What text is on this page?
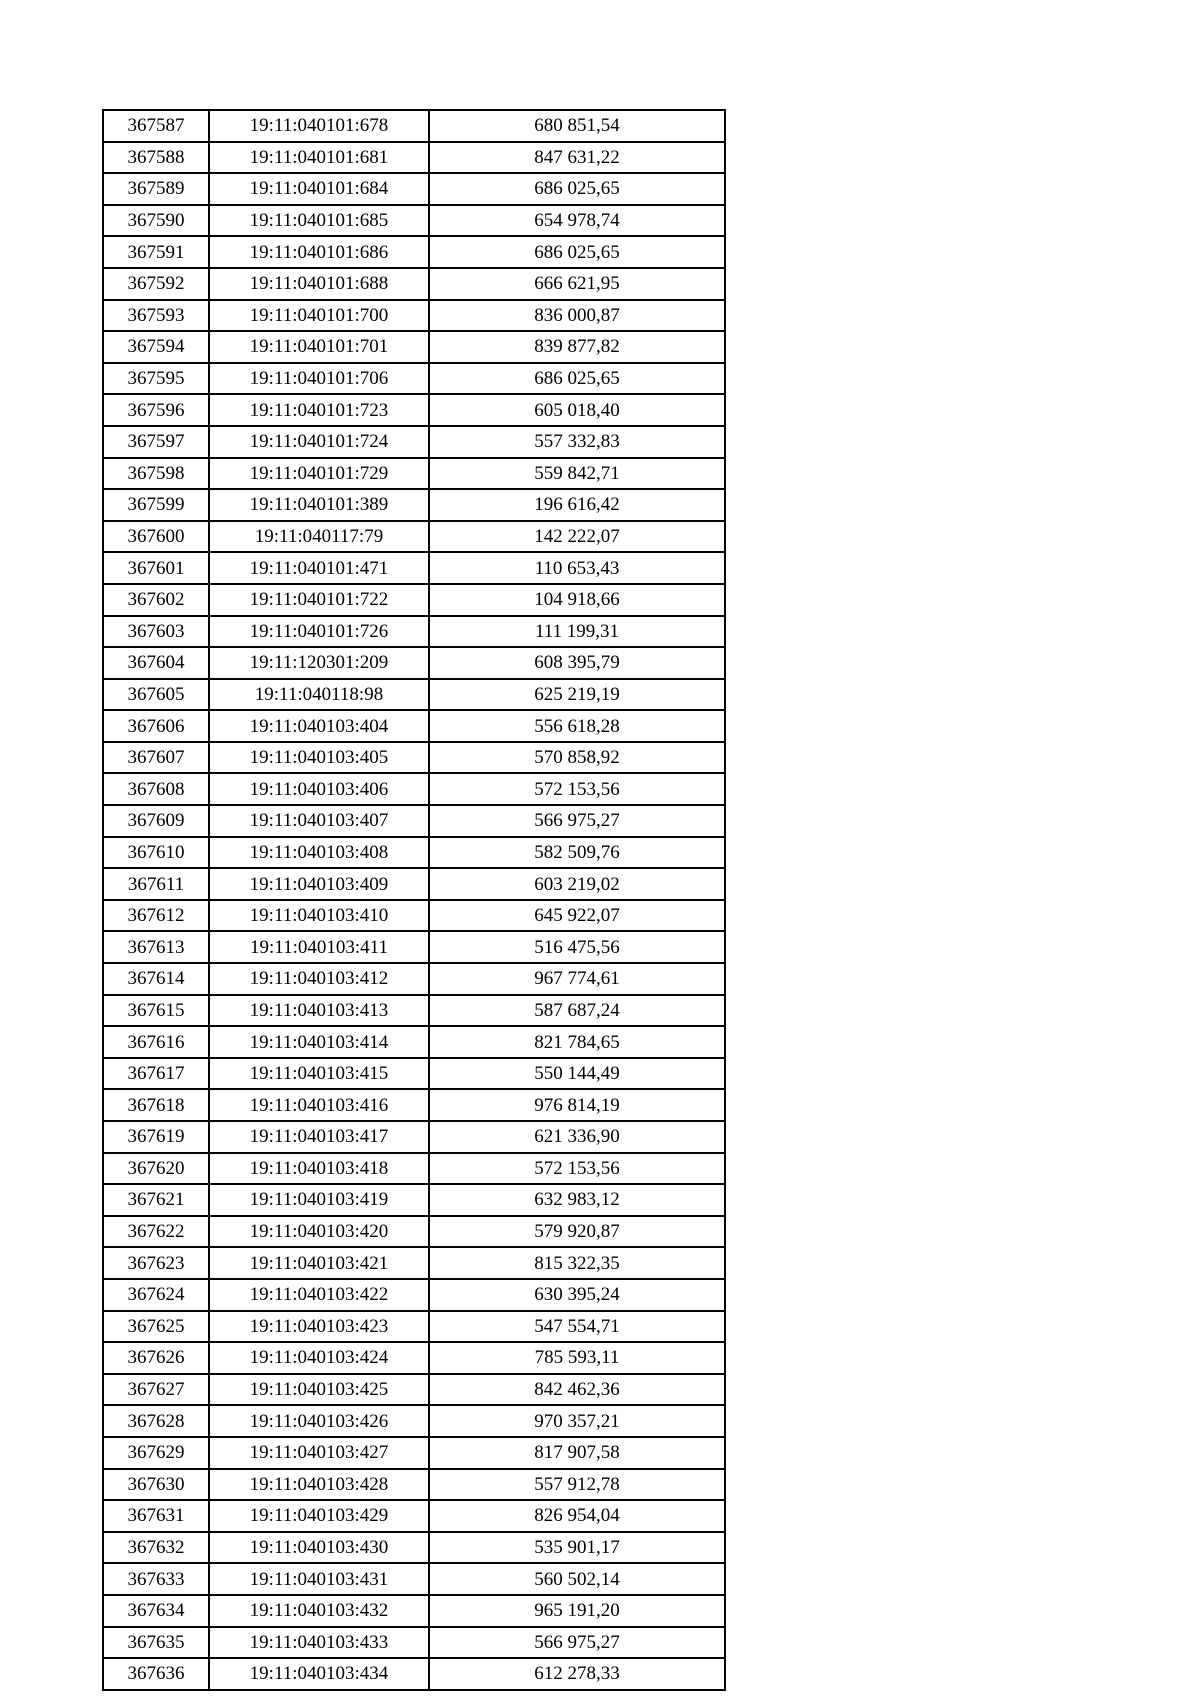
367587	19:11:040101:678	680 851,54
367588	19:11:040101:681	847 631,22
367589	19:11:040101:684	686 025,65
367590	19:11:040101:685	654 978,74
367591	19:11:040101:686	686 025,65
367592	19:11:040101:688	666 621,95
367593	19:11:040101:700	836 000,87
367594	19:11:040101:701	839 877,82
367595	19:11:040101:706	686 025,65
367596	19:11:040101:723	605 018,40
367597	19:11:040101:724	557 332,83
367598	19:11:040101:729	559 842,71
367599	19:11:040101:389	196 616,42
367600	19:11:040117:79	142 222,07
367601	19:11:040101:471	110 653,43
367602	19:11:040101:722	104 918,66
367603	19:11:040101:726	111 199,31
367604	19:11:120301:209	608 395,79
367605	19:11:040118:98	625 219,19
367606	19:11:040103:404	556 618,28
367607	19:11:040103:405	570 858,92
367608	19:11:040103:406	572 153,56
367609	19:11:040103:407	566 975,27
367610	19:11:040103:408	582 509,76
367611	19:11:040103:409	603 219,02
367612	19:11:040103:410	645 922,07
367613	19:11:040103:411	516 475,56
367614	19:11:040103:412	967 774,61
367615	19:11:040103:413	587 687,24
367616	19:11:040103:414	821 784,65
367617	19:11:040103:415	550 144,49
367618	19:11:040103:416	976 814,19
367619	19:11:040103:417	621 336,90
367620	19:11:040103:418	572 153,56
367621	19:11:040103:419	632 983,12
367622	19:11:040103:420	579 920,87
367623	19:11:040103:421	815 322,35
367624	19:11:040103:422	630 395,24
367625	19:11:040103:423	547 554,71
367626	19:11:040103:424	785 593,11
367627	19:11:040103:425	842 462,36
367628	19:11:040103:426	970 357,21
367629	19:11:040103:427	817 907,58
367630	19:11:040103:428	557 912,78
367631	19:11:040103:429	826 954,04
367632	19:11:040103:430	535 901,17
367633	19:11:040103:431	560 502,14
367634	19:11:040103:432	965 191,20
367635	19:11:040103:433	566 975,27
367636	19:11:040103:434	612 278,33
